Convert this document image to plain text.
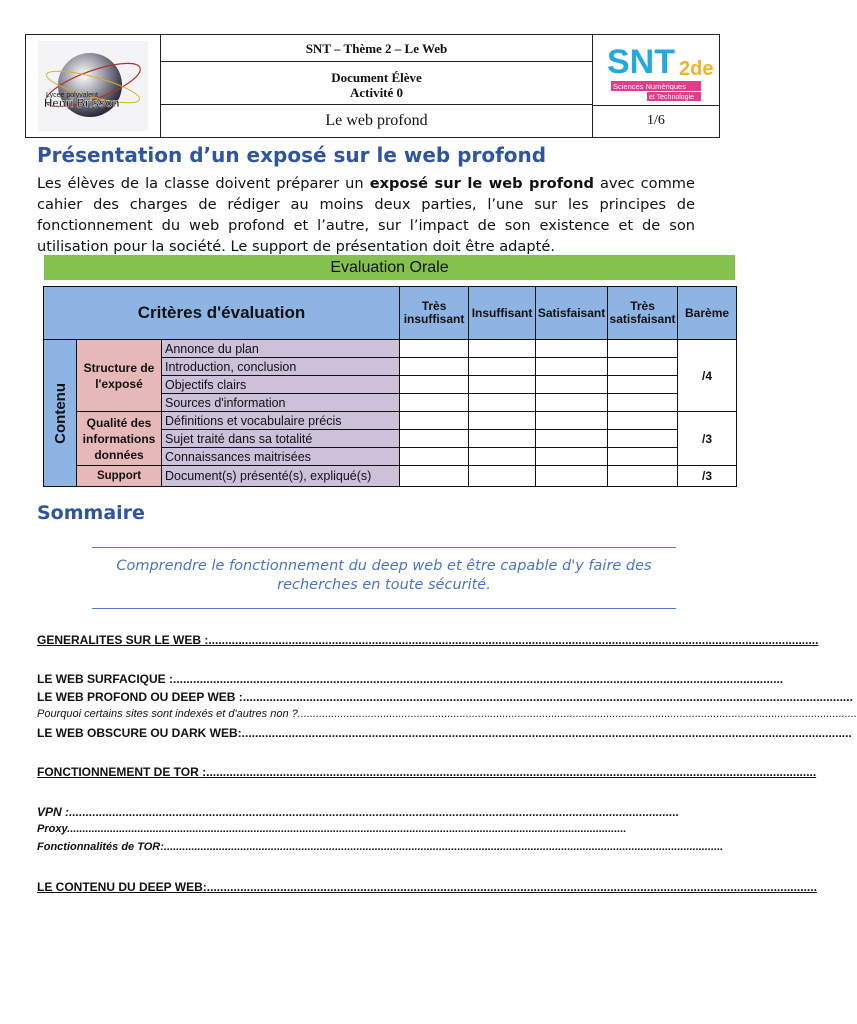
Lycée polyvalent
Henri Brisson
SNT – Thème 2 – Le Web
Document Élève
Activité 0
Le web profond
SNT 2de
Sciences Numériques
et Technologie
1/6
Présentation d’un exposé sur le web profond

Les élèves de la classe doivent préparer un exposé sur le web profond avec comme cahier des charges de rédiger au moins deux parties, l’une sur les principes de fonctionnement du web profond et l’autre, sur l’impact de son existence et de son utilisation pour la société. Le support de présentation doit être adapté.

Evaluation Orale
Critères d'évaluation			Très insuffisant	Insuffisant	Satisfaisant	Très satisfaisant	Barème

Contenu	Structure de l'exposé	Annonce du plan					/4
		Introduction, conclusion					
		Objectifs clairs					
		Sources d'information					
	Qualité des informations données	Définitions et vocabulaire précis					/3
		Sujet traité dans sa totalité					
		Connaissances maitrisées					
	Support	Document(s) présenté(s), expliqué(s)					/3
Sommaire
Comprendre le fonctionnement du deep web et être capable d'y faire des recherches en toute sécurité.
GENERALITES SUR LE WEB :.......................................................................................................................................................................................
LE WEB SURFACIQUE :.......................................................................................................................................................................................
LE WEB PROFOND OU DEEP WEB :.......................................................................................................................................................................................
Pourquoi certains sites sont indexés et d'autres non ?.......................................................................................................................................................................................
LE WEB OBSCURE OU DARK WEB:.......................................................................................................................................................................................
FONCTIONNEMENT DE TOR :.......................................................................................................................................................................................
VPN :.......................................................................................................................................................................................
Proxy.......................................................................................................................................................................................
Fonctionnalités de TOR:.......................................................................................................................................................................................
LE CONTENU DU DEEP WEB:.......................................................................................................................................................................................
